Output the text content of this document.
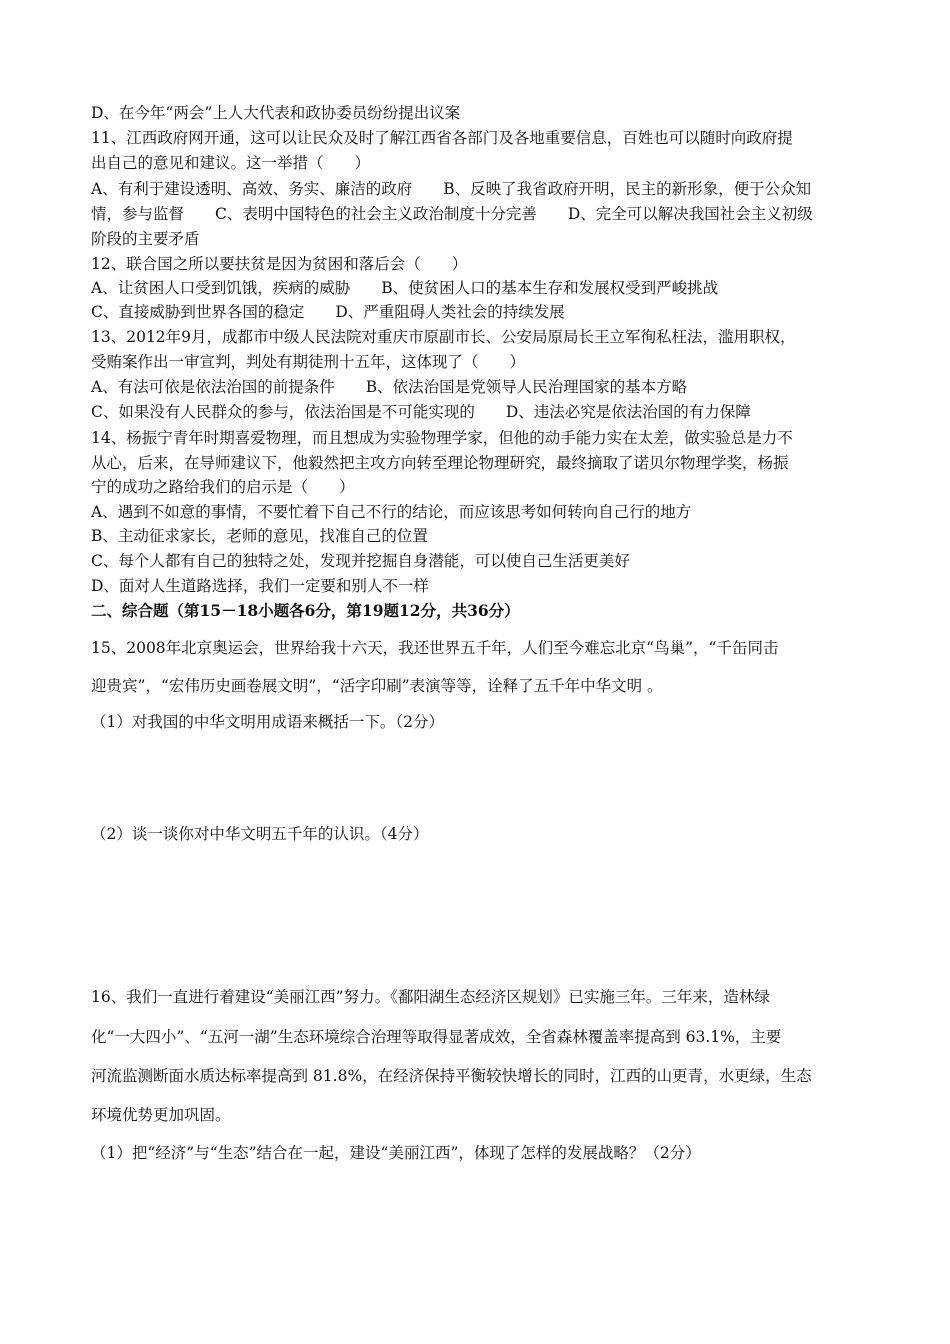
D、在今年“两会”上人大代表和政协委员纷纷提出议案
11、江西政府网开通，这可以让民众及时了解江西省各部门及各地重要信息，百姓也可以随时向政府提
出自己的意见和建议。这一举措（　　）
A、有利于建设透明、高效、务实、廉洁的政府　　B、反映了我省政府开明，民主的新形象，便于公众知
情，参与监督　　C、表明中国特色的社会主义政治制度十分完善　　D、完全可以解决我国社会主义初级
阶段的主要矛盾
12、联合国之所以要扶贫是因为贫困和落后会（　　）
A、让贫困人口受到饥饿，疾病的威胁　　B、使贫困人口的基本生存和发展权受到严峻挑战
C、直接威胁到世界各国的稳定　　D、严重阻碍人类社会的持续发展
13、2012年9月，成都市中级人民法院对重庆市原副市长、公安局原局长王立军徇私枉法，滥用职权，
受贿案作出一审宣判，判处有期徒刑十五年，这体现了（　　）
A、有法可依是依法治国的前提条件　　B、依法治国是党领导人民治理国家的基本方略
C、如果没有人民群众的参与，依法治国是不可能实现的　　D、违法必究是依法治国的有力保障
14、杨振宁青年时期喜爱物理，而且想成为实验物理学家，但他的动手能力实在太差，做实验总是力不
从心，后来，在导师建议下，他毅然把主攻方向转至理论物理研究，最终摘取了诺贝尔物理学奖，杨振
宁的成功之路给我们的启示是（　　）
A、遇到不如意的事情，不要忙着下自己不行的结论，而应该思考如何转向自己行的地方
B、主动征求家长，老师的意见，找准自己的位置
C、每个人都有自己的独特之处，发现并挖掘自身潜能，可以使自己生活更美好
D、面对人生道路选择，我们一定要和别人不一样
二、综合题（第15－18小题各6分，第19题12分，共36分）
15、2008年北京奥运会，世界给我十六天，我还世界五千年，人们至今难忘北京“鸟巢”，“千缶同击
迎贵宾”，“宏伟历史画卷展文明”，“活字印刷”表演等等，诠释了五千年中华文明 。
（1）对我国的中华文明用成语来概括一下。（2分）
（2）谈一谈你对中华文明五千年的认识。（4分）
16、我们一直进行着建设“美丽江西”努力。《鄱阳湖生态经济区规划》已实施三年。三年来，造林绿
化“一大四小”、“五河一湖”生态环境综合治理等取得显著成效，全省森林覆盖率提高到 63.1%，主要
河流监测断面水质达标率提高到 81.8%，在经济保持平衡较快增长的同时，江西的山更青，水更绿，生态
环境优势更加巩固。
（1）把“经济”与“生态”结合在一起，建设“美丽江西”，体现了怎样的发展战略？（2分）
